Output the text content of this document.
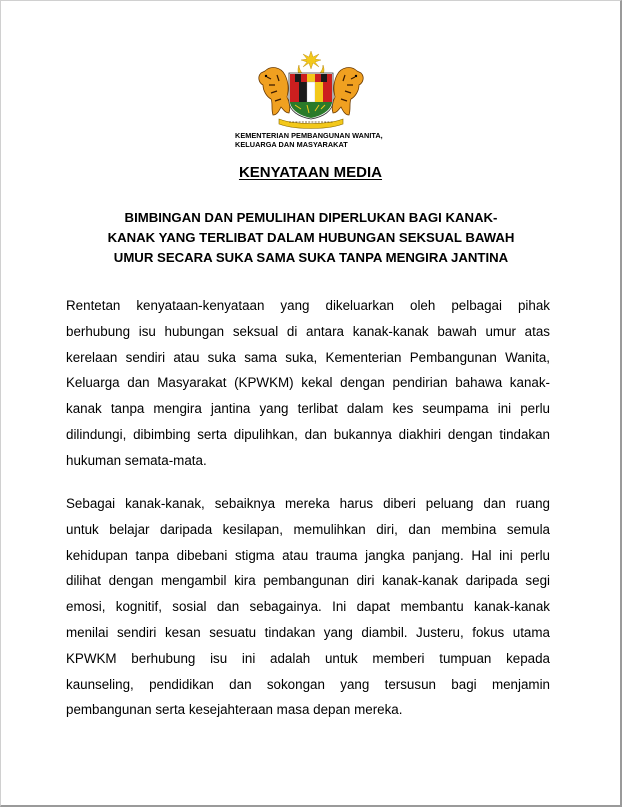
KEMENTERIAN PEMBANGUNAN WANITA,
KELUARGA DAN MASYARAKAT
KENYATAAN MEDIA
BIMBINGAN DAN PEMULIHAN DIPERLUKAN BAGI KANAK-
KANAK YANG TERLIBAT DALAM HUBUNGAN SEKSUAL BAWAH
UMUR SECARA SUKA SAMA SUKA TANPA MENGIRA JANTINA
Rentetan kenyataan-kenyataan yang dikeluarkan oleh pelbagai pihak
berhubung isu hubungan seksual di antara kanak-kanak bawah umur atas
kerelaan sendiri atau suka sama suka, Kementerian Pembangunan Wanita,
Keluarga dan Masyarakat (KPWKM) kekal dengan pendirian bahawa kanak-
kanak tanpa mengira jantina yang terlibat dalam kes seumpama ini perlu
dilindungi, dibimbing serta dipulihkan, dan bukannya diakhiri dengan tindakan
hukuman semata-mata.
Sebagai kanak-kanak, sebaiknya mereka harus diberi peluang dan ruang
untuk belajar daripada kesilapan, memulihkan diri, dan membina semula
kehidupan tanpa dibebani stigma atau trauma jangka panjang. Hal ini perlu
dilihat dengan mengambil kira pembangunan diri kanak-kanak daripada segi
emosi, kognitif, sosial dan sebagainya. Ini dapat membantu kanak-kanak
menilai sendiri kesan sesuatu tindakan yang diambil. Justeru, fokus utama
KPWKM berhubung isu ini adalah untuk memberi tumpuan kepada
kaunseling, pendidikan dan sokongan yang tersusun bagi menjamin
pembangunan serta kesejahteraan masa depan mereka.
